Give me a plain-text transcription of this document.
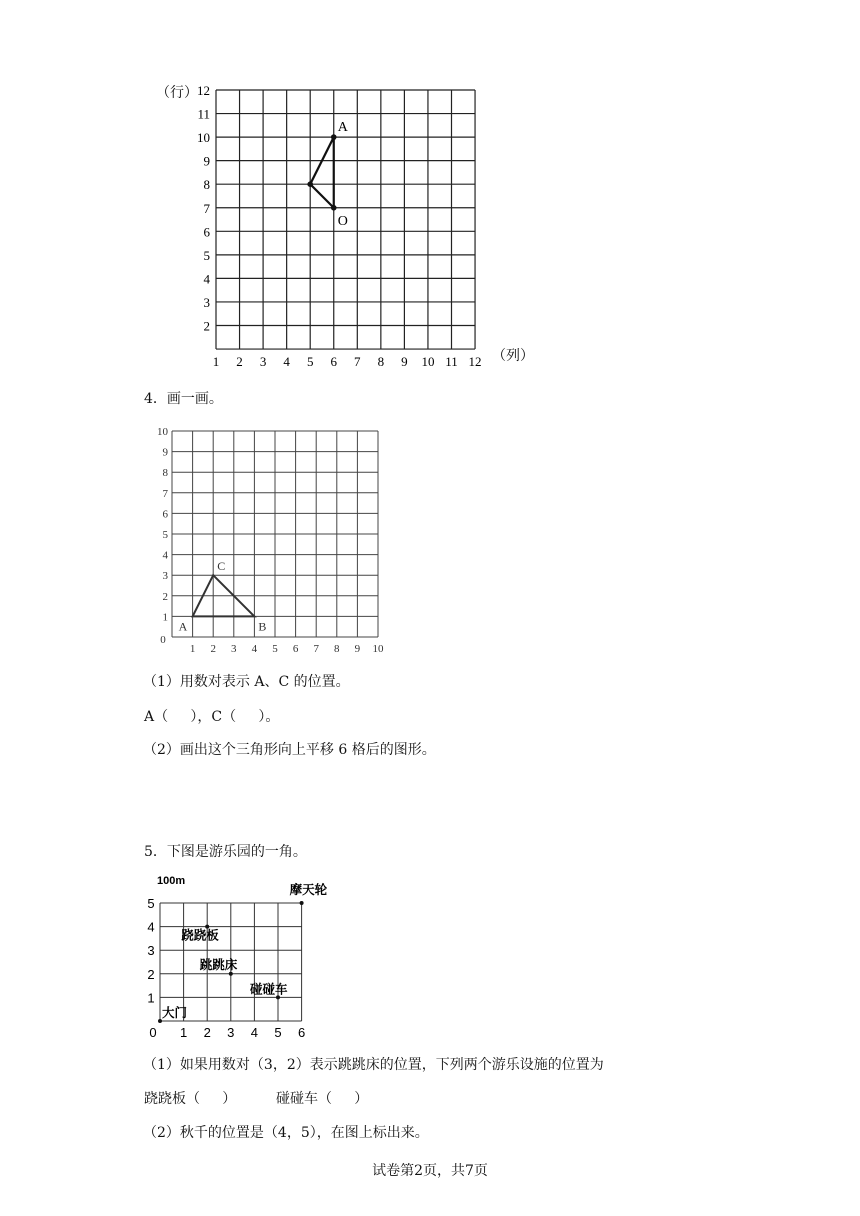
1 2 3 4 5 6 7 8 9 10 11 12
12
11
10
9
8
7
6
5
4
3
2
A
O
（行）
（列）
4．画一画。
1 2 3 4 5 6 7 8 9 10
0
10
9
8
7
6
5
4
3
2
1
A	B
C
（1）用数对表示 A、C 的位置。
A（     ），C（     ）。
（2）画出这个三角形向上平移 6 格后的图形。
5．下图是游乐园的一角。
100m
0 1 2 3 4 5 6
5
4
3
2
1
摩天轮
跷跷板
跳跳床
碰碰车
大门
（1）如果用数对（3，2）表示跳跳床的位置，下列两个游乐设施的位置为
跷跷板（     ）	碰碰车（     ）
（2）秋千的位置是（4，5），在图上标出来。
试卷第2页，共7页
